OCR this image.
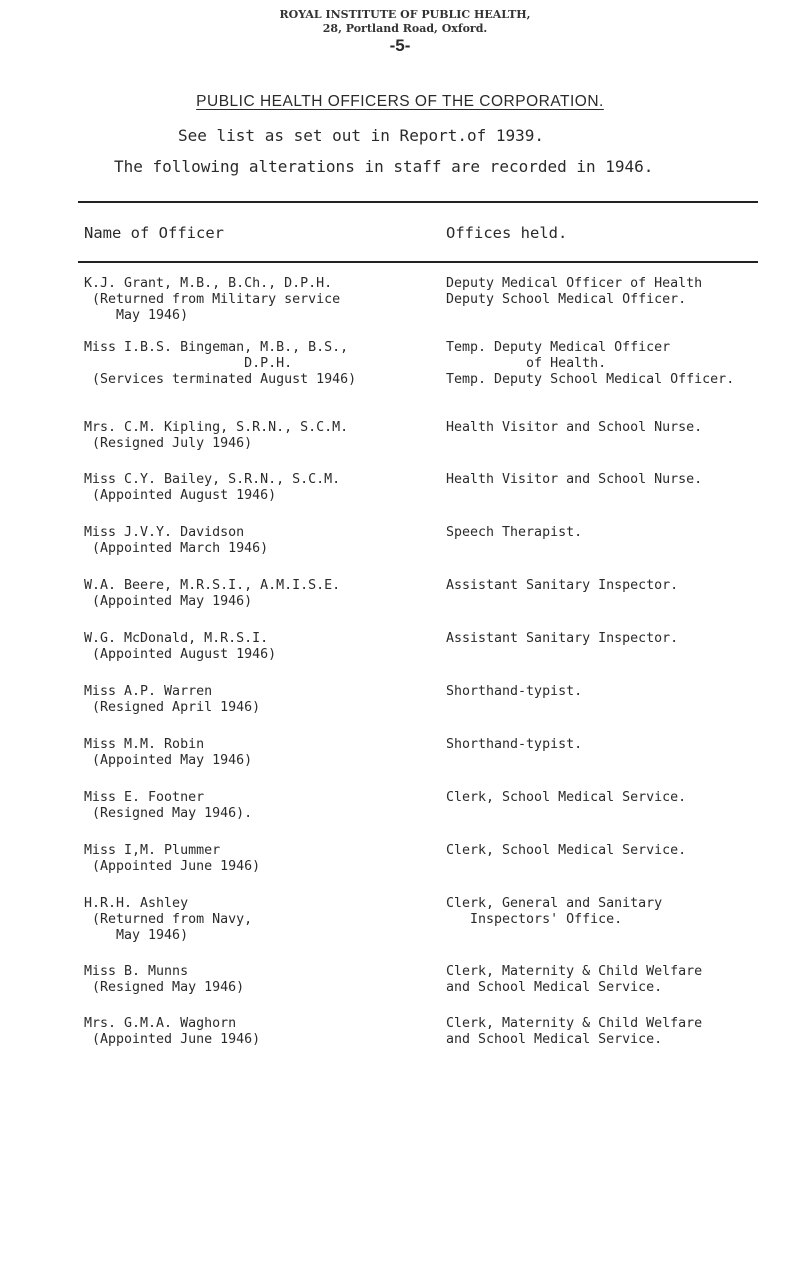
ROYAL INSTITUTE OF PUBLIC HEALTH,
28, Portland Road, Oxford.
-5-
PUBLIC HEALTH OFFICERS OF THE CORPORATION.
See list as set out in Report.of 1939.
The following alterations in staff are recorded in 1946.
Name of Officer	Offices held.
K.J. Grant, M.B., B.Ch., D.P.H.
(Returned from Military service
May 1946)
Deputy Medical Officer of Health
Deputy School Medical Officer.
Miss I.B.S. Bingeman, M.B., B.S.,
D.P.H.
(Services terminated August 1946)
Temp. Deputy Medical Officer
of Health.
Temp. Deputy School Medical Officer.
Mrs. C.M. Kipling, S.R.N., S.C.M.
(Resigned July 1946)
Health Visitor and School Nurse.
Miss C.Y. Bailey, S.R.N., S.C.M.
(Appointed August 1946)
Health Visitor and School Nurse.
Miss J.V.Y. Davidson
(Appointed March 1946)
Speech Therapist.
W.A. Beere, M.R.S.I., A.M.I.S.E.
(Appointed May 1946)
Assistant Sanitary Inspector.
W.G. McDonald, M.R.S.I.
(Appointed August 1946)
Assistant Sanitary Inspector.
Miss A.P. Warren
(Resigned April 1946)
Shorthand-typist.
Miss M.M. Robin
(Appointed May 1946)
Shorthand-typist.
Miss E. Footner
(Resigned May 1946).
Clerk, School Medical Service.
Miss I,M. Plummer
(Appointed June 1946)
Clerk, School Medical Service.
H.R.H. Ashley
(Returned from Navy,
May 1946)
Clerk, General and Sanitary
Inspectors' Office.
Miss B. Munns
(Resigned May 1946)
Clerk, Maternity & Child Welfare
and School Medical Service.
Mrs. G.M.A. Waghorn
(Appointed June 1946)
Clerk, Maternity & Child Welfare
and School Medical Service.
